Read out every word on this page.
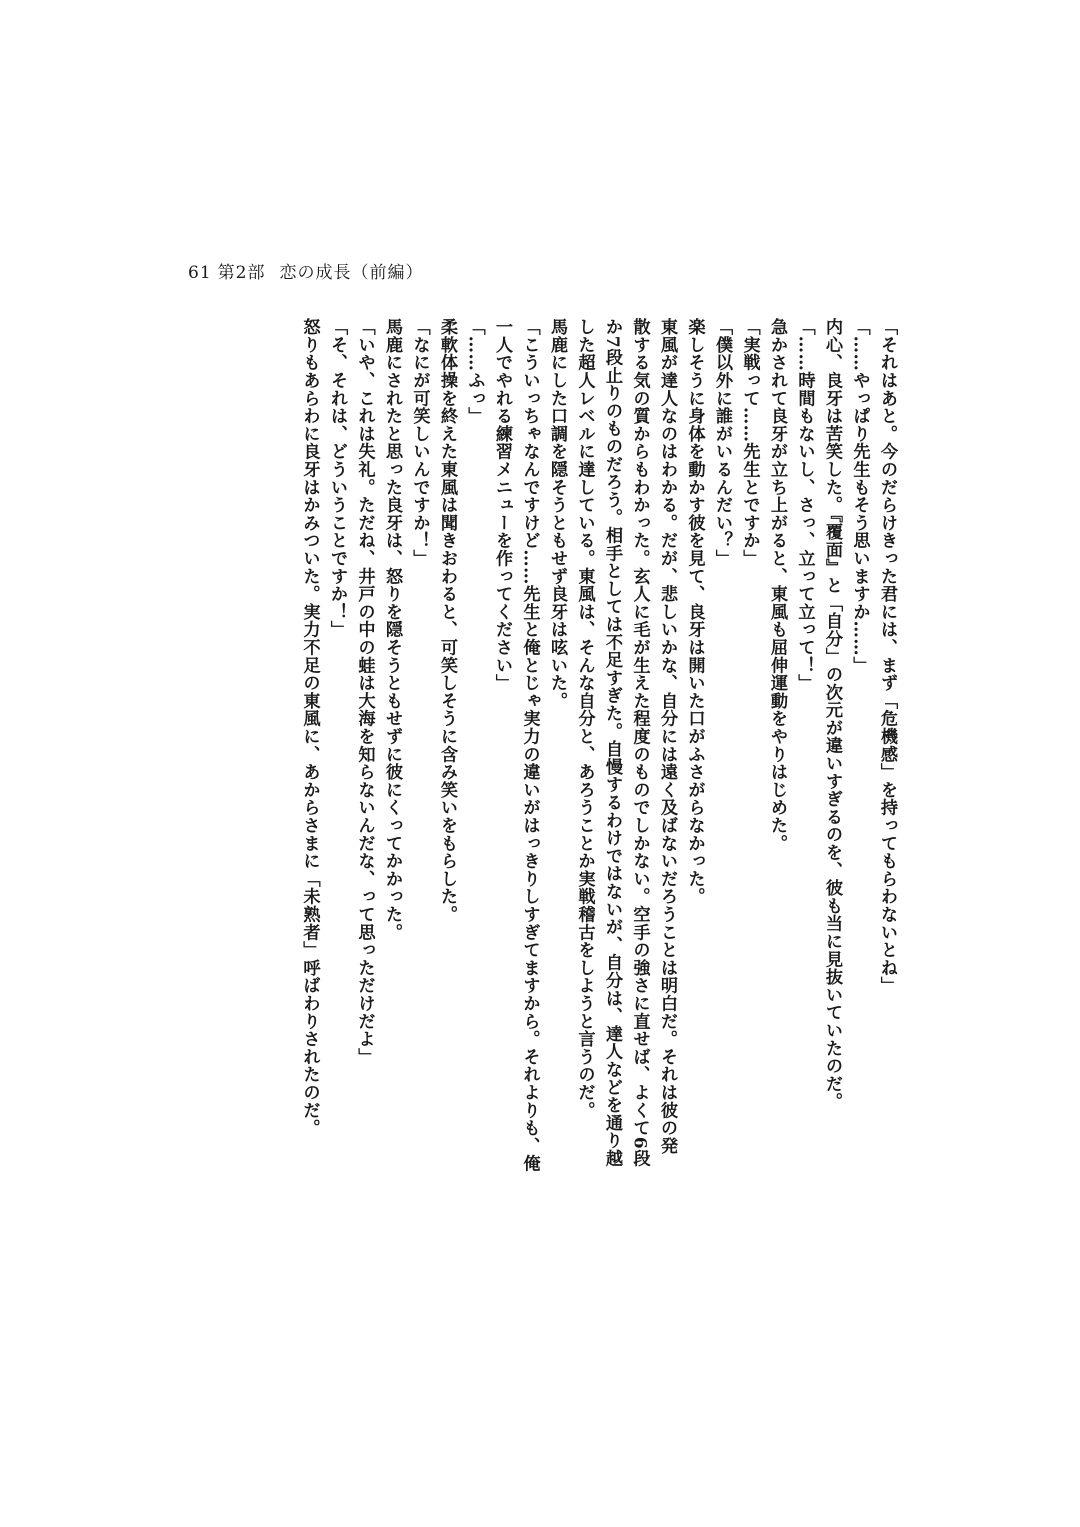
61 第2部 恋の成長（前編）

「それはあと。今のだらけきった君には、まず「危機感」を持ってもらわないとね」

「……やっぱり先生もそう思いますか……」

内心、良牙は苦笑した。『覆面』と「自分」の次元が違いすぎるのを、彼も当に見抜いていたのだ。

「……時間もないし、さっ、立って立って！」

急かされて良牙が立ち上がると、東風も屈伸運動をやりはじめた。

「実戦って……先生とですか」

「僕以外に誰がいるんだい？」

楽しそうに身体を動かす彼を見て、良牙は開いた口がふさがらなかった。

東風が達人なのはわかる。だが、悲しいかな、自分には遠く及ばないだろうことは明白だ。それは彼の発

散する気の質からもわかった。玄人に毛が生えた程度のものでしかない。空手の強さに直せば、よくて6段

か7段止りのものだろう。相手としては不足すぎた。自慢するわけではないが、自分は、達人などを通り越

した超人レベルに達している。東風は、そんな自分と、あろうことか実戦稽古をしようと言うのだ。

馬鹿にした口調を隠そうともせず良牙は呟いた。

「こういっちゃなんですけど……先生と俺とじゃ実力の違いがはっきりしすぎてますから。それよりも、俺

一人でやれる練習メニューを作ってください」

「……ふっ」

柔軟体操を終えた東風は聞きおわると、可笑しそうに含み笑いをもらした。

「なにが可笑しいんですか！」

馬鹿にされたと思った良牙は、怒りを隠そうともせずに彼にくってかかった。

「いや、これは失礼。ただね、井戸の中の蛙は大海を知らないんだな、って思っただけだよ」

「そ、それは、どういうことですか！」

怒りもあらわに良牙はかみついた。実力不足の東風に、あからさまに「未熟者」呼ばわりされたのだ。
